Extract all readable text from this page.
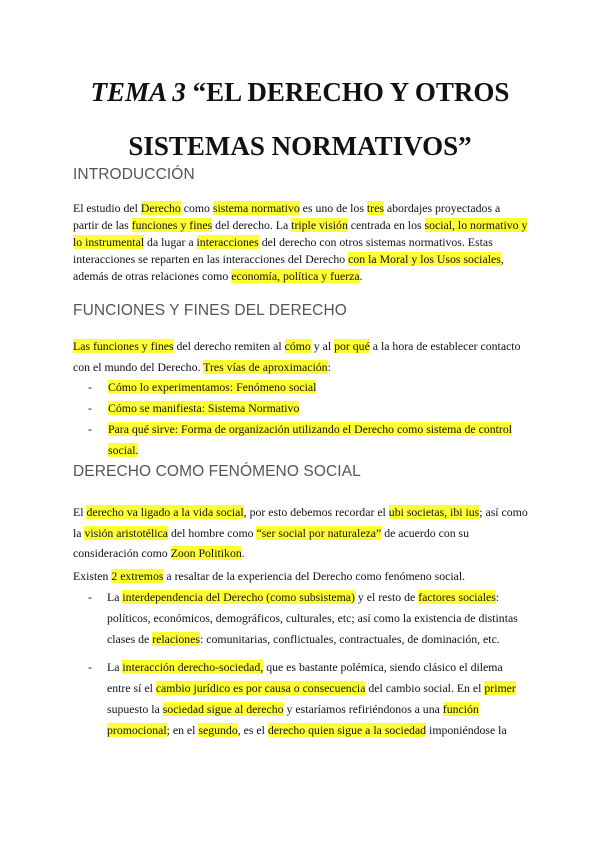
TEMA 3 “EL DERECHO Y OTROS
SISTEMAS NORMATIVOS”
INTRODUCCIÓN
El estudio del Derecho como sistema normativo es uno de los tres abordajes proyectados a partir de las funciones y fines del derecho. La triple visión centrada en los social, lo normativo y lo instrumental da lugar a interacciones del derecho con otros sistemas normativos. Estas interacciones se reparten en las interacciones del Derecho con la Moral y los Usos sociales, además de otras relaciones como economía, política y fuerza.
FUNCIONES Y FINES DEL DERECHO
Las funciones y fines del derecho remiten al cómo y al por qué a la hora de establecer contacto con el mundo del Derecho. Tres vías de aproximación:
- Cómo lo experimentamos: Fenómeno social
- Cómo se manifiesta: Sistema Normativo
- Para qué sirve: Forma de organización utilizando el Derecho como sistema de control social.
DERECHO COMO FENÓMENO SOCIAL
El derecho va ligado a la vida social, por esto debemos recordar el ubi societas, ibi ius; así como la visión aristotélica del hombre como “ser social por naturaleza” de acuerdo con su consideración como Zoon Politikon.
Existen 2 extremos a resaltar de la experiencia del Derecho como fenómeno social.
- La interdependencia del Derecho (como subsistema) y el resto de factores sociales: políticos, económicos, demográficos, culturales, etc; así como la existencia de distintas clases de relaciones: comunitarias, conflictuales, contractuales, de dominación, etc.
- La interacción derecho-sociedad, que es bastante polémica, siendo clásico el dilema entre sí el cambio jurídico es por causa o consecuencia del cambio social. En el primer supuesto la sociedad sigue al derecho y estaríamos refiriéndonos a una función promocional; en el segundo, es el derecho quien sigue a la sociedad imponiéndose la
